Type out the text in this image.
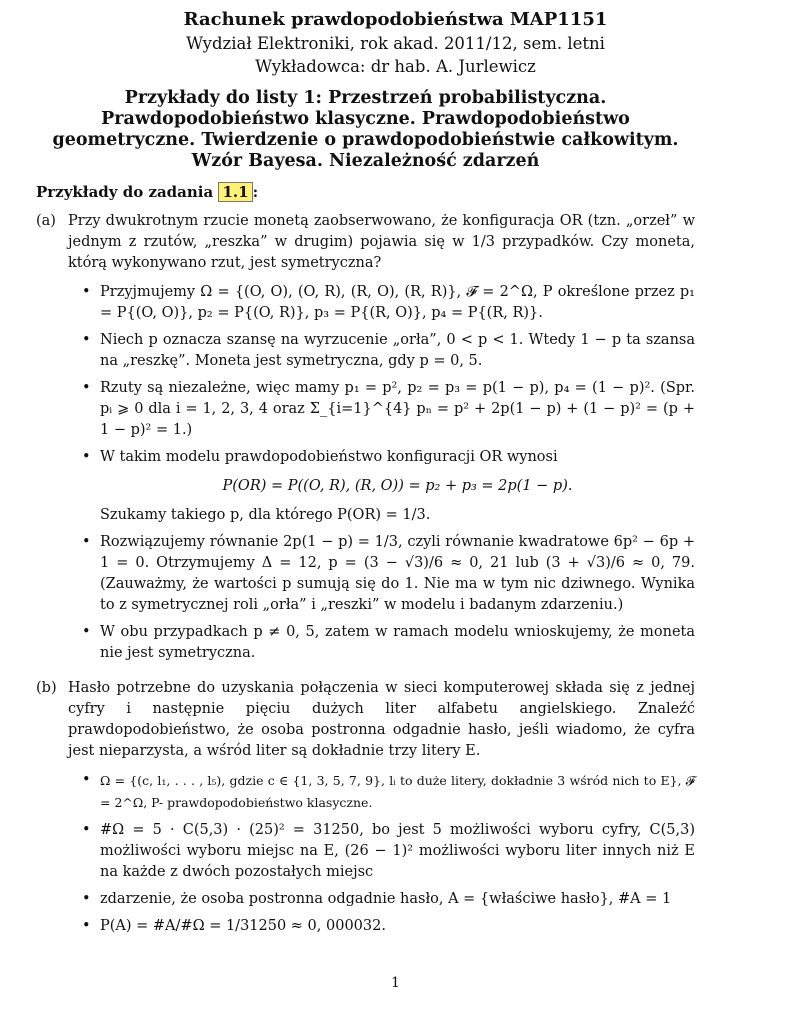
Rachunek prawdopodobieństwa MAP1151
Wydział Elektroniki, rok akad. 2011/12, sem. letni
Wykładowca: dr hab. A. Jurlewicz
Przykłady do listy 1: Przestrzeń probabilistyczna. Prawdopodobieństwo klasyczne. Prawdopodobieństwo geometryczne. Twierdzenie o prawdopodobieństwie całkowitym. Wzór Bayesa. Niezależność zdarzeń
Przykłady do zadania 1.1 :
(a) Przy dwukrotnym rzucie monetą zaobserwowano, że konfiguracja OR (tzn. „orzeł” w jednym z rzutów, „reszka” w drugim) pojawia się w 1/3 przypadków. Czy moneta, którą wykonywano rzut, jest symetryczna?
• Przyjmujemy Ω = {(O, O), (O, R), (R, O), (R, R)}, 𝓕 = 2^Ω, P określone przez p₁ = P{(O, O)}, p₂ = P{(O, R)}, p₃ = P{(R, O)}, p₄ = P{(R, R)}.
• Niech p oznacza szansę na wyrzucenie „orła”, 0 < p < 1. Wtedy 1 − p ta szansa na „reszkę”. Moneta jest symetryczna, gdy p = 0, 5.
• Rzuty są niezależne, więc mamy p₁ = p², p₂ = p₃ = p(1 − p), p₄ = (1 − p)². (Spr. pᵢ ⩾ 0 dla i = 1, 2, 3, 4 oraz Σ_{i=1}^{4} pₙ = p² + 2p(1 − p) + (1 − p)² = (p + 1 − p)² = 1.)
• W takim modelu prawdopodobieństwo konfiguracji OR wynosi
P(OR) = P((O, R), (R, O)) = p₂ + p₃ = 2p(1 − p).
Szukamy takiego p, dla którego P(OR) = 1/3.
• Rozwiązujemy równanie 2p(1 − p) = 1/3, czyli równanie kwadratowe 6p² − 6p + 1 = 0. Otrzymujemy Δ = 12, p = (3 − √3)/6 ≈ 0, 21 lub (3 + √3)/6 ≈ 0, 79. (Zauważmy, że wartości p sumują się do 1. Nie ma w tym nic dziwnego. Wynika to z symetrycznej roli „orła” i „reszki” w modelu i badanym zdarzeniu.)
• W obu przypadkach p ≠ 0, 5, zatem w ramach modelu wnioskujemy, że moneta nie jest symetryczna.
(b) Hasło potrzebne do uzyskania połączenia w sieci komputerowej składa się z jednej cyfry i następnie pięciu dużych liter alfabetu angielskiego. Znaleźć prawdopodobieństwo, że osoba postronna odgadnie hasło, jeśli wiadomo, że cyfra jest nieparzysta, a wśród liter są dokładnie trzy litery E.
• Ω = {(c, l₁, . . . , l₅), gdzie c ∈ {1, 3, 5, 7, 9}, lᵢ to duże litery, dokładnie 3 wśród nich to E}, 𝓕 = 2^Ω, P- prawdopodobieństwo klasyczne.
• #Ω = 5 · C(5,3) · (25)² = 31250, bo jest 5 możliwości wyboru cyfry, C(5,3) możliwości wyboru miejsc na E, (26 − 1)² możliwości wyboru liter innych niż E na każde z dwóch pozostałych miejsc
• zdarzenie, że osoba postronna odgadnie hasło, A = {właściwe hasło}, #A = 1
• P(A) = #A/#Ω = 1/31250 ≈ 0, 000032.
1
